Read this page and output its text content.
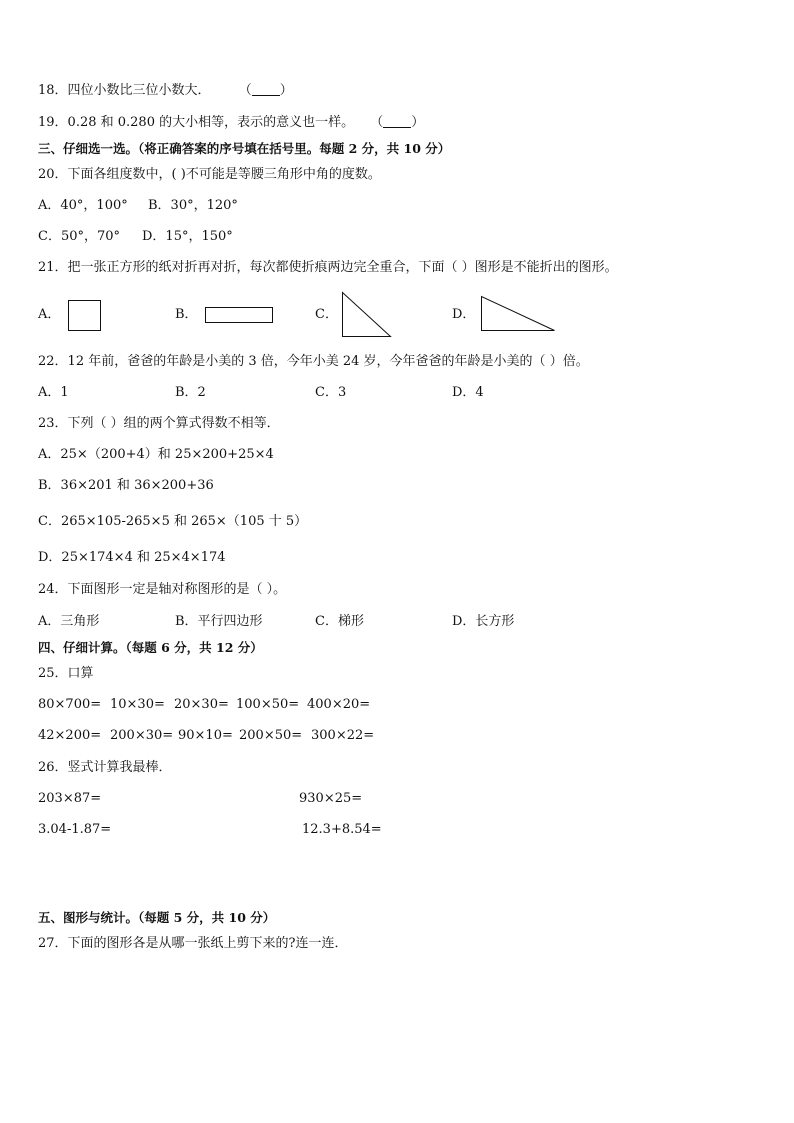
18．四位小数比三位小数大． （ ）
19．0.28 和 0.280 的大小相等，表示的意义也一样。 （ ）
三、仔细选一选。（将正确答案的序号填在括号里。每题 2 分，共 10 分）
20．下面各组度数中，( )不可能是等腰三角形中角的度数。
A．40°，100° B．30°，120°
C．50°，70° D．15°，150°
21．把一张正方形的纸对折再对折，每次都使折痕两边完全重合，下面（ ）图形是不能折出的图形。
A．	B．	C．	D．
22．12 年前，爸爸的年龄是小美的 3 倍，今年小美 24 岁，今年爸爸的年龄是小美的（ ）倍。
A．1	B．2	C．3	D．4
23．下列（ ）组的两个算式得数不相等．
A．25×（200+4）和 25×200+25×4
B．36×201 和 36×200+36
C．265×105-265×5 和 265×（105 十 5）
D．25×174×4 和 25×4×174
24．下面图形一定是轴对称图形的是（ ）。
A．三角形	B．平行四边形	C．梯形	D．长方形
四、仔细计算。（每题 6 分，共 12 分）
25．口算
80×700= 10×30= 20×30= 100×50= 400×20=
42×200= 200×30= 90×10= 200×50= 300×22=
26．竖式计算我最棒．
203×87=	930×25=
3.04-1.87=	12.3+8.54=
五、图形与统计。（每题 5 分，共 10 分）
27．下面的图形各是从哪一张纸上剪下来的?连一连．
